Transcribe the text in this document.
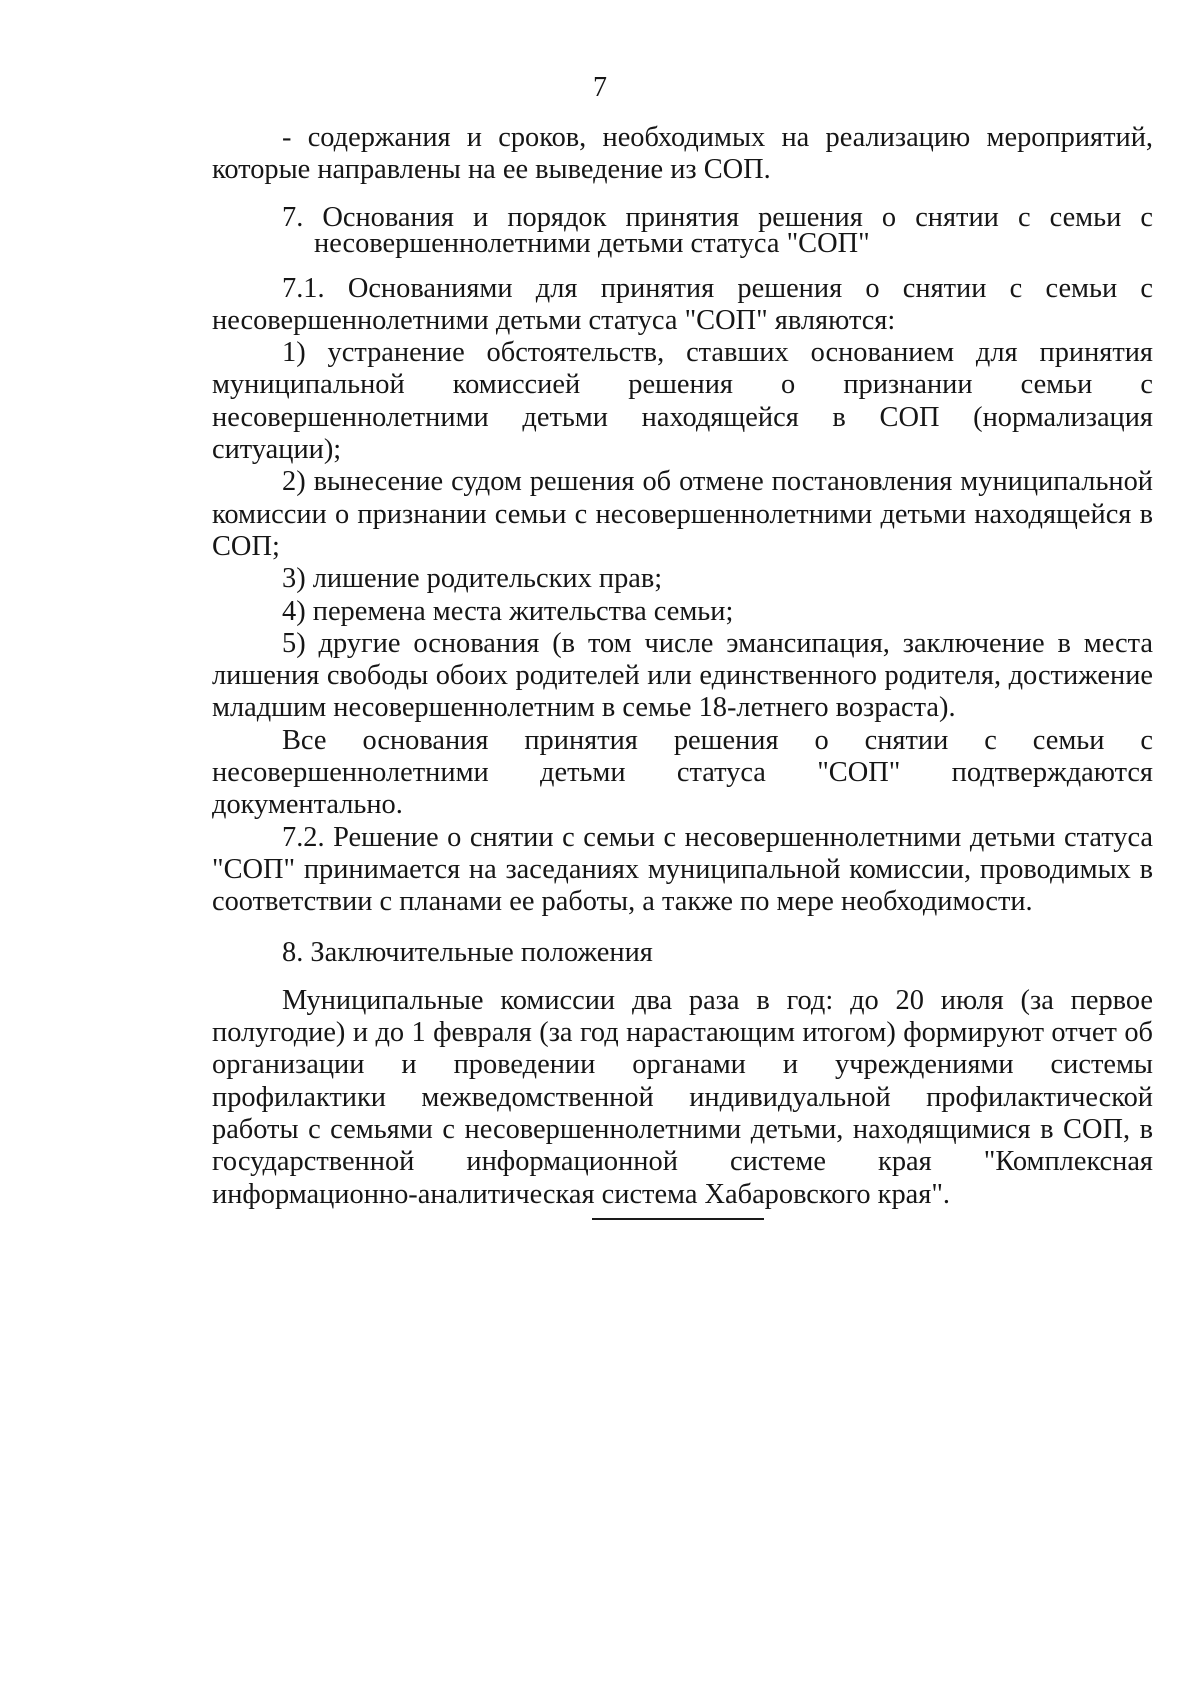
7

- содержания и сроков, необходимых на реализацию мероприятий, которые направлены на ее выведение из СОП.

7. Основания и порядок принятия решения о снятии с семьи с несовершеннолетними детьми статуса "СОП"

7.1. Основаниями для принятия решения о снятии с семьи с несовершеннолетними детьми статуса "СОП" являются:

1) устранение обстоятельств, ставших основанием для принятия муниципальной комиссией решения о признании семьи с несовершеннолетними детьми находящейся в СОП (нормализация ситуации);

2) вынесение судом решения об отмене постановления муниципальной комиссии о признании семьи с несовершеннолетними детьми находящейся в СОП;

3) лишение родительских прав;

4) перемена места жительства семьи;

5) другие основания (в том числе эмансипация, заключение в места лишения свободы обоих родителей или единственного родителя, достижение младшим несовершеннолетним в семье 18-летнего возраста).

Все основания принятия решения о снятии с семьи с несовершеннолетними детьми статуса "СОП" подтверждаются документально.

7.2. Решение о снятии с семьи с несовершеннолетними детьми статуса "СОП" принимается на заседаниях муниципальной комиссии, проводимых в соответствии с планами ее работы, а также по мере необходимости.

8. Заключительные положения

Муниципальные комиссии два раза в год: до 20 июля (за первое полугодие) и до 1 февраля (за год нарастающим итогом) формируют отчет об организации и проведении органами и учреждениями системы профилактики межведомственной индивидуальной профилактической работы с семьями с несовершеннолетними детьми, находящимися в СОП, в государственной информационной системе края "Комплексная информационно-аналитическая система Хабаровского края".
